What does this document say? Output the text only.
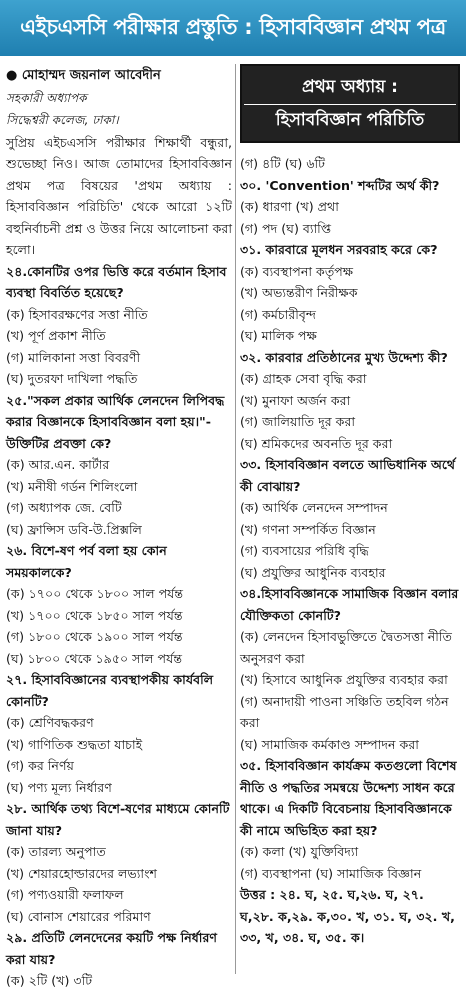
এইচএসসি পরীক্ষার প্রস্তুতি : হিসাববিজ্ঞান প্রথম পত্র
● মোহাম্মদ জয়নাল আবেদীন
সহকারী অধ্যাপক
সিদ্ধেশ্বরী কলেজ, ঢাকা।
সুপ্রিয় এইচএসসি পরীক্ষার শিক্ষার্থী বন্ধুরা, শুভেচ্ছা নিও। আজ তোমাদের হিসাববিজ্ঞান প্রথম পত্র বিষয়ের 'প্রথম অধ্যায় : হিসাববিজ্ঞান পরিচিতি' থেকে আরো ১২টি বহুনির্বাচনী প্রশ্ন ও উত্তর নিয়ে আলোচনা করা হলো।
২৪.কোনটির ওপর ভিত্তি করে বর্তমান হিসাব ব্যবস্থা বিবর্তিত হয়েছে?
(ক) হিসাবরক্ষণের সত্তা নীতি
(খ) পূর্ণ প্রকাশ নীতি
(গ) মালিকানা সত্তা বিবরণী
(ঘ) দুতরফা দাখিলা পদ্ধতি
২৫."সকল প্রকার আর্থিক লেনদেন লিপিবদ্ধ করার বিজ্ঞানকে হিসাববিজ্ঞান বলা হয়।"- উক্তিটির প্রবক্তা কে?
(ক) আর.এন. কার্টার
(খ) মনীষী গর্ডন শিলিংলো
(গ) অধ্যাপক জে. বেটি
(ঘ) ফ্রান্সিস ডবি-উ.প্রিক্সলি
২৬. বিশে-ষণ পর্ব বলা হয় কোন সময়কালকে?
(ক) ১৭০০ থেকে ১৮০০ সাল পর্যন্ত
(খ) ১৭০০ থেকে ১৮৫০ সাল পর্যন্ত
(গ) ১৮০০ থেকে ১৯০০ সাল পর্যন্ত
(ঘ) ১৮০০ থেকে ১৯৫০ সাল পর্যন্ত
২৭. হিসাববিজ্ঞানের ব্যবস্থাপকীয় কার্যবলি কোনটি?
(ক) শ্রেণিবদ্ধকরণ
(খ) গাণিতিক শুদ্ধতা যাচাই
(গ) কর নির্ণয়
(ঘ) পণ্য মূল্য নির্ধারণ
২৮. আর্থিক তথ্য বিশে-ষণের মাধ্যমে কোনটি জানা যায়?
(ক) তারল্য অনুপাত
(খ) শেয়ারহোল্ডারদের লভ্যাংশ
(গ) পণ্যওয়ারী ফলাফল
(ঘ) বোনাস শেয়ারের পরিমাণ
২৯. প্রতিটি লেনদেনের কয়টি পক্ষ নির্ধারণ করা যায়?
(ক) ২টি (খ) ৩টি
প্রথম অধ্যায় :
হিসাববিজ্ঞান পরিচিতি
(গ) ৪টি (ঘ) ৬টি
৩০. 'Convention' শব্দটির অর্থ কী?
(ক) ধারণা (খ) প্রথা
(গ) পদ (ঘ) ব্যাপ্তি
৩১. কারবারে মূলধন সরবরাহ করে কে?
(ক) ব্যবস্থাপনা কর্তৃপক্ষ
(খ) অভ্যন্তরীণ নিরীক্ষক
(গ) কর্মচারীবৃন্দ
(ঘ) মালিক পক্ষ
৩২. কারবার প্রতিষ্ঠানের মুখ্য উদ্দেশ্য কী?
(ক) গ্রাহক সেবা বৃদ্ধি করা
(খ) মুনাফা অর্জন করা
(গ) জালিয়াতি দূর করা
(ঘ) শ্রমিকদের অবনতি দূর করা
৩৩. হিসাববিজ্ঞান বলতে আভিধানিক অর্থে কী বোঝায়?
(ক) আর্থিক লেনদেন সম্পাদন
(খ) গণনা সম্পর্কিত বিজ্ঞান
(গ) ব্যবসায়ের পরিধি বৃদ্ধি
(ঘ) প্রযুক্তির আধুনিক ব্যবহার
৩৪.হিসাববিজ্ঞানকে সামাজিক বিজ্ঞান বলার যৌক্তিকতা কোনটি?
(ক) লেনদেন হিসাবভুক্তিতে দ্বৈতসত্তা নীতি অনুসরণ করা
(খ) হিসাবে আধুনিক প্রযুক্তির ব্যবহার করা
(গ) অনাদায়ী পাওনা সঞ্চিতি তহবিল গঠন করা
(ঘ) সামাজিক কর্মকাণ্ড সম্পাদন করা
৩৫. হিসাববিজ্ঞান কার্যক্রম কতগুলো বিশেষ নীতি ও পদ্ধতির সমন্বয়ে উদ্দেশ্য সাধন করে থাকে। এ দিকটি বিবেচনায় হিসাববিজ্ঞানকে কী নামে অভিহিত করা হয়?
(ক) কলা (খ) যুক্তিবিদ্যা
(গ) ব্যবস্থাপনা (ঘ) সামাজিক বিজ্ঞান
উত্তর : ২৪. ঘ, ২৫. ঘ,২৬. ঘ, ২৭. ঘ,২৮. ক,২৯. ক,৩০. খ, ৩১. ঘ, ৩২. খ, ৩৩, খ, ৩৪. ঘ, ৩৫. ক।
